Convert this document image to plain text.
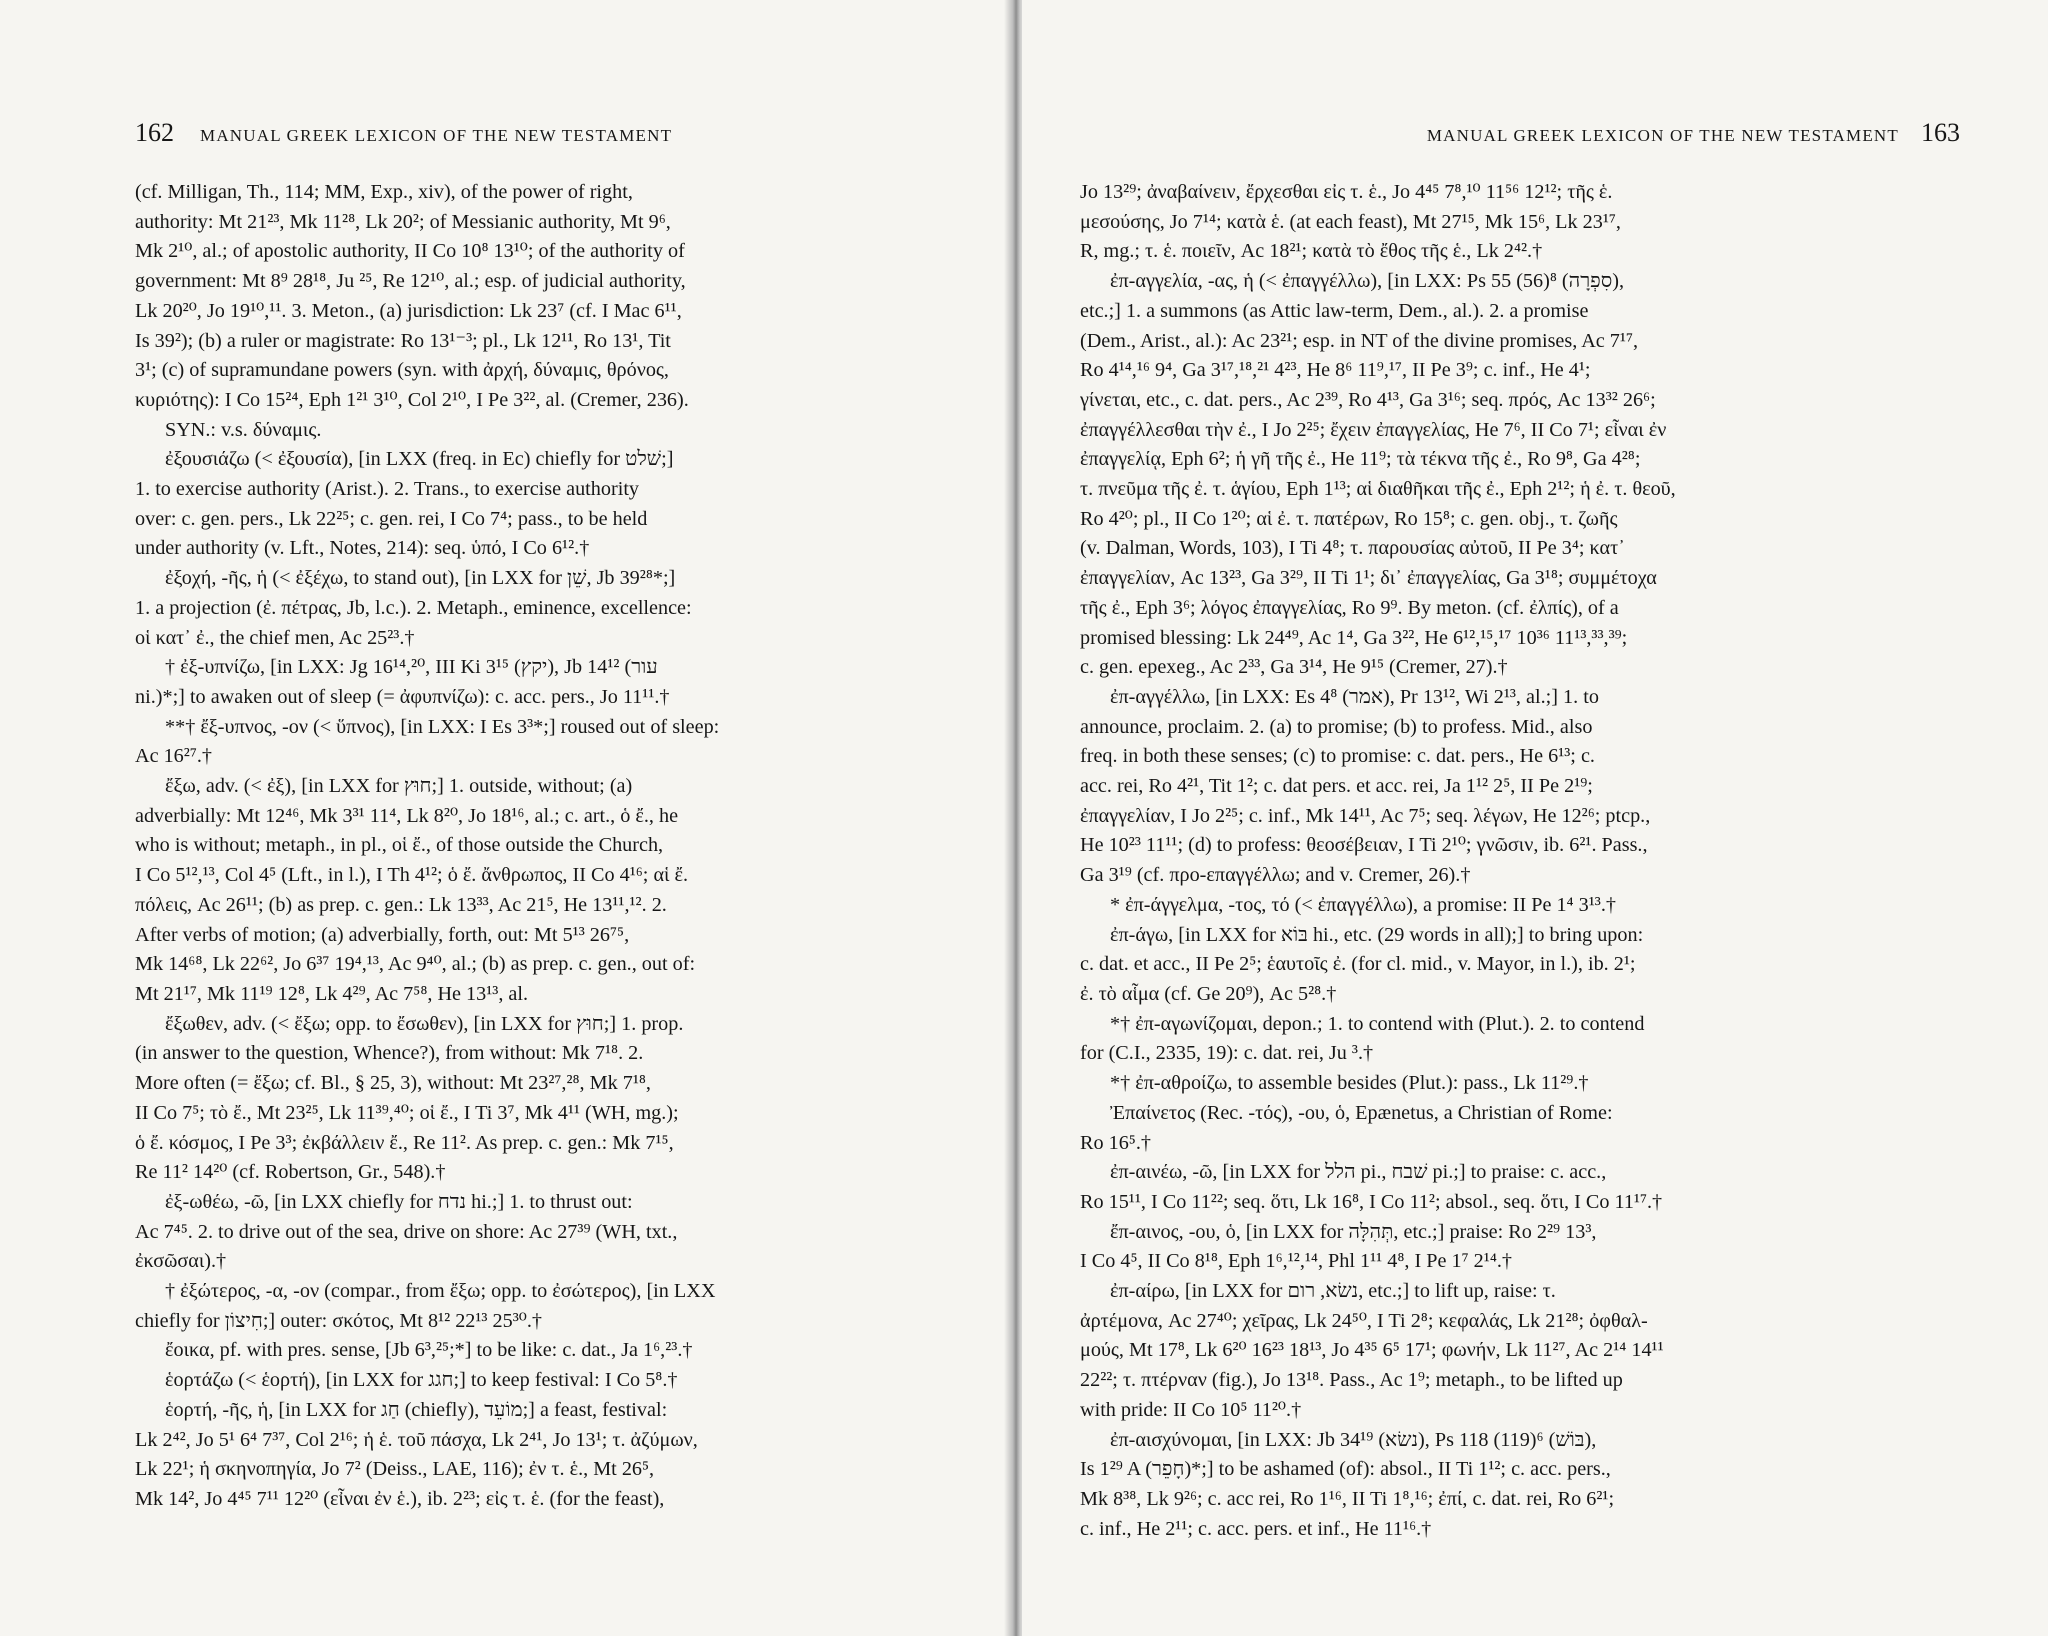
162 MANUAL GREEK LEXICON OF THE NEW TESTAMENT
(cf. Milligan, Th., 114; MM, Exp., xiv), of the power of right,
authority: Mt 21²³, Mk 11²⁸, Lk 20²; of Messianic authority, Mt 9⁶,
Mk 2¹⁰, al.; of apostolic authority, II Co 10⁸ 13¹⁰; of the authority of
government: Mt 8⁹ 28¹⁸, Ju ²⁵, Re 12¹⁰, al.; esp. of judicial authority,
Lk 20²⁰, Jo 19¹⁰,¹¹. 3. Meton., (a) jurisdiction: Lk 23⁷ (cf. I Mac 6¹¹,
Is 39²); (b) a ruler or magistrate: Ro 13¹⁻³; pl., Lk 12¹¹, Ro 13¹, Tit
3¹; (c) of supramundane powers (syn. with ἀρχή, δύναμις, θρόνος,
κυριότης): I Co 15²⁴, Eph 1²¹ 3¹⁰, Col 2¹⁰, I Pe 3²², al. (Cremer, 236).
SYN.: v.s. δύναμις.
ἐξουσιάζω (< ἐξουσία), [in LXX (freq. in Ec) chiefly for שׁלט;]
1. to exercise authority (Arist.). 2. Trans., to exercise authority
over: c. gen. pers., Lk 22²⁵; c. gen. rei, I Co 7⁴; pass., to be held
under authority (v. Lft., Notes, 214): seq. ὑπό, I Co 6¹².†
ἐξοχή, -ῆς, ἡ (< ἐξέχω, to stand out), [in LXX for שֵׁן, Jb 39²⁸*;]
1. a projection (ἐ. πέτρας, Jb, l.c.). 2. Metaph., eminence, excellence:
οἱ κατ᾽ ἐ., the chief men, Ac 25²³.†
† ἐξ-υπνίζω, [in LXX: Jg 16¹⁴,²⁰, III Ki 3¹⁵ (יקץ), Jb 14¹² (עור
ni.)*;] to awaken out of sleep (= ἀφυπνίζω): c. acc. pers., Jo 11¹¹.†
**† ἔξ-υπνος, -ον (< ὕπνος), [in LXX: I Es 3³*;] roused out of sleep:
Ac 16²⁷.†
ἔξω, adv. (< ἐξ), [in LXX for חוּץ;] 1. outside, without; (a)
adverbially: Mt 12⁴⁶, Mk 3³¹ 11⁴, Lk 8²⁰, Jo 18¹⁶, al.; c. art., ὁ ἔ., he
who is without; metaph., in pl., οἱ ἔ., of those outside the Church,
I Co 5¹²,¹³, Col 4⁵ (Lft., in l.), I Th 4¹²; ὁ ἔ. ἄνθρωπος, II Co 4¹⁶; αἱ ἔ.
πόλεις, Ac 26¹¹; (b) as prep. c. gen.: Lk 13³³, Ac 21⁵, He 13¹¹,¹². 2.
After verbs of motion; (a) adverbially, forth, out: Mt 5¹³ 26⁷⁵,
Mk 14⁶⁸, Lk 22⁶², Jo 6³⁷ 19⁴,¹³, Ac 9⁴⁰, al.; (b) as prep. c. gen., out of:
Mt 21¹⁷, Mk 11¹⁹ 12⁸, Lk 4²⁹, Ac 7⁵⁸, He 13¹³, al.
ἔξωθεν, adv. (< ἔξω; opp. to ἔσωθεν), [in LXX for חוּץ;] 1. prop.
(in answer to the question, Whence?), from without: Mk 7¹⁸. 2.
More often (= ἔξω; cf. Bl., § 25, 3), without: Mt 23²⁷,²⁸, Mk 7¹⁸,
II Co 7⁵; τὸ ἔ., Mt 23²⁵, Lk 11³⁹,⁴⁰; οἱ ἔ., I Ti 3⁷, Mk 4¹¹ (WH, mg.);
ὁ ἔ. κόσμος, I Pe 3³; ἐκβάλλειν ἔ., Re 11². As prep. c. gen.: Mk 7¹⁵,
Re 11² 14²⁰ (cf. Robertson, Gr., 548).†
ἐξ-ωθέω, -ῶ, [in LXX chiefly for נדח hi.;] 1. to thrust out:
Ac 7⁴⁵. 2. to drive out of the sea, drive on shore: Ac 27³⁹ (WH, txt.,
ἐκσῶσαι).†
† ἐξώτερος, -α, -ον (compar., from ἔξω; opp. to ἐσώτερος), [in LXX
chiefly for חִיצוֹן;] outer: σκότος, Mt 8¹² 22¹³ 25³⁰.†
ἔοικα, pf. with pres. sense, [Jb 6³,²⁵;*] to be like: c. dat., Ja 1⁶,²³.†
ἑορτάζω (< ἑορτή), [in LXX for חגג;] to keep festival: I Co 5⁸.†
ἑορτή, -ῆς, ἡ, [in LXX for חַג (chiefly), מוֹעֵד;] a feast, festival:
Lk 2⁴², Jo 5¹ 6⁴ 7³⁷, Col 2¹⁶; ἡ ἑ. τοῦ πάσχα, Lk 2⁴¹, Jo 13¹; τ. ἀζύμων,
Lk 22¹; ἡ σκηνοπηγία, Jo 7² (Deiss., LAE, 116); ἐν τ. ἑ., Mt 26⁵,
Mk 14², Jo 4⁴⁵ 7¹¹ 12²⁰ (εἶναι ἐν ἑ.), ib. 2²³; εἰς τ. ἑ. (for the feast),
MANUAL GREEK LEXICON OF THE NEW TESTAMENT 163
Jo 13²⁹; ἀναβαίνειν, ἔρχεσθαι εἰς τ. ἑ., Jo 4⁴⁵ 7⁸,¹⁰ 11⁵⁶ 12¹²; τῆς ἑ.
μεσούσης, Jo 7¹⁴; κατὰ ἑ. (at each feast), Mt 27¹⁵, Mk 15⁶, Lk 23¹⁷,
R, mg.; τ. ἑ. ποιεῖν, Ac 18²¹; κατὰ τὸ ἔθος τῆς ἑ., Lk 2⁴².†
ἐπ-αγγελία, -ας, ἡ (< ἐπαγγέλλω), [in LXX: Ps 55 (56)⁸ (סִפְרָה),
etc.;] 1. a summons (as Attic law-term, Dem., al.). 2. a promise
(Dem., Arist., al.): Ac 23²¹; esp. in NT of the divine promises, Ac 7¹⁷,
Ro 4¹⁴,¹⁶ 9⁴, Ga 3¹⁷,¹⁸,²¹ 4²³, He 8⁶ 11⁹,¹⁷, II Pe 3⁹; c. inf., He 4¹;
γίνεται, etc., c. dat. pers., Ac 2³⁹, Ro 4¹³, Ga 3¹⁶; seq. πρός, Ac 13³² 26⁶;
ἐπαγγέλλεσθαι τὴν ἐ., I Jo 2²⁵; ἔχειν ἐπαγγελίας, He 7⁶, II Co 7¹; εἶναι ἐν
ἐπαγγελίᾳ, Eph 6²; ἡ γῆ τῆς ἐ., He 11⁹; τὰ τέκνα τῆς ἐ., Ro 9⁸, Ga 4²⁸;
τ. πνεῦμα τῆς ἐ. τ. ἁγίου, Eph 1¹³; αἱ διαθῆκαι τῆς ἐ., Eph 2¹²; ἡ ἐ. τ. θεοῦ,
Ro 4²⁰; pl., II Co 1²⁰; αἱ ἐ. τ. πατέρων, Ro 15⁸; c. gen. obj., τ. ζωῆς
(v. Dalman, Words, 103), I Ti 4⁸; τ. παρουσίας αὐτοῦ, II Pe 3⁴; κατ᾽
ἐπαγγελίαν, Ac 13²³, Ga 3²⁹, II Ti 1¹; δι᾽ ἐπαγγελίας, Ga 3¹⁸; συμμέτοχα
τῆς ἐ., Eph 3⁶; λόγος ἐπαγγελίας, Ro 9⁹. By meton. (cf. ἐλπίς), of a
promised blessing: Lk 24⁴⁹, Ac 1⁴, Ga 3²², He 6¹²,¹⁵,¹⁷ 10³⁶ 11¹³,³³,³⁹;
c. gen. epexeg., Ac 2³³, Ga 3¹⁴, He 9¹⁵ (Cremer, 27).†
ἐπ-αγγέλλω, [in LXX: Es 4⁸ (אמר), Pr 13¹², Wi 2¹³, al.;] 1. to
announce, proclaim. 2. (a) to promise; (b) to profess. Mid., also
freq. in both these senses; (c) to promise: c. dat. pers., He 6¹³; c.
acc. rei, Ro 4²¹, Tit 1²; c. dat pers. et acc. rei, Ja 1¹² 2⁵, II Pe 2¹⁹;
ἐπαγγελίαν, I Jo 2²⁵; c. inf., Mk 14¹¹, Ac 7⁵; seq. λέγων, He 12²⁶; ptcp.,
He 10²³ 11¹¹; (d) to profess: θεοσέβειαν, I Ti 2¹⁰; γνῶσιν, ib. 6²¹. Pass.,
Ga 3¹⁹ (cf. προ-επαγγέλλω; and v. Cremer, 26).†
* ἐπ-άγγελμα, -τος, τό (< ἐπαγγέλλω), a promise: II Pe 1⁴ 3¹³.†
ἐπ-άγω, [in LXX for בּוֹא hi., etc. (29 words in all);] to bring upon:
c. dat. et acc., II Pe 2⁵; ἑαυτοῖς ἐ. (for cl. mid., v. Mayor, in l.), ib. 2¹;
ἐ. τὸ αἷμα (cf. Ge 20⁹), Ac 5²⁸.†
*† ἐπ-αγωνίζομαι, depon.; 1. to contend with (Plut.). 2. to contend
for (C.I., 2335, 19): c. dat. rei, Ju ³.†
*† ἐπ-αθροίζω, to assemble besides (Plut.): pass., Lk 11²⁹.†
Ἐπαίνετος (Rec. -τός), -ου, ὁ, Epænetus, a Christian of Rome:
Ro 16⁵.†
ἐπ-αινέω, -ῶ, [in LXX for הלל pi., שׁבח pi.;] to praise: c. acc.,
Ro 15¹¹, I Co 11²²; seq. ὅτι, Lk 16⁸, I Co 11²; absol., seq. ὅτι, I Co 11¹⁷.†
ἔπ-αινος, -ου, ὁ, [in LXX for תְּהִלָּה, etc.;] praise: Ro 2²⁹ 13³,
I Co 4⁵, II Co 8¹⁸, Eph 1⁶,¹²,¹⁴, Phl 1¹¹ 4⁸, I Pe 1⁷ 2¹⁴.†
ἐπ-αίρω, [in LXX for נשׂא, רום, etc.;] to lift up, raise: τ.
ἀρτέμονα, Ac 27⁴⁰; χεῖρας, Lk 24⁵⁰, I Ti 2⁸; κεφαλάς, Lk 21²⁸; ὀφθαλ-
μούς, Mt 17⁸, Lk 6²⁰ 16²³ 18¹³, Jo 4³⁵ 6⁵ 17¹; φωνήν, Lk 11²⁷, Ac 2¹⁴ 14¹¹
22²²; τ. πτέρναν (fig.), Jo 13¹⁸. Pass., Ac 1⁹; metaph., to be lifted up
with pride: II Co 10⁵ 11²⁰.†
ἐπ-αισχύνομαι, [in LXX: Jb 34¹⁹ (נשׂא), Ps 118 (119)⁶ (בּוֹשׁ),
Is 1²⁹ A (חָפֵר)*;] to be ashamed (of): absol., II Ti 1¹²; c. acc. pers.,
Mk 8³⁸, Lk 9²⁶; c. acc rei, Ro 1¹⁶, II Ti 1⁸,¹⁶; ἐπί, c. dat. rei, Ro 6²¹;
c. inf., He 2¹¹; c. acc. pers. et inf., He 11¹⁶.†
